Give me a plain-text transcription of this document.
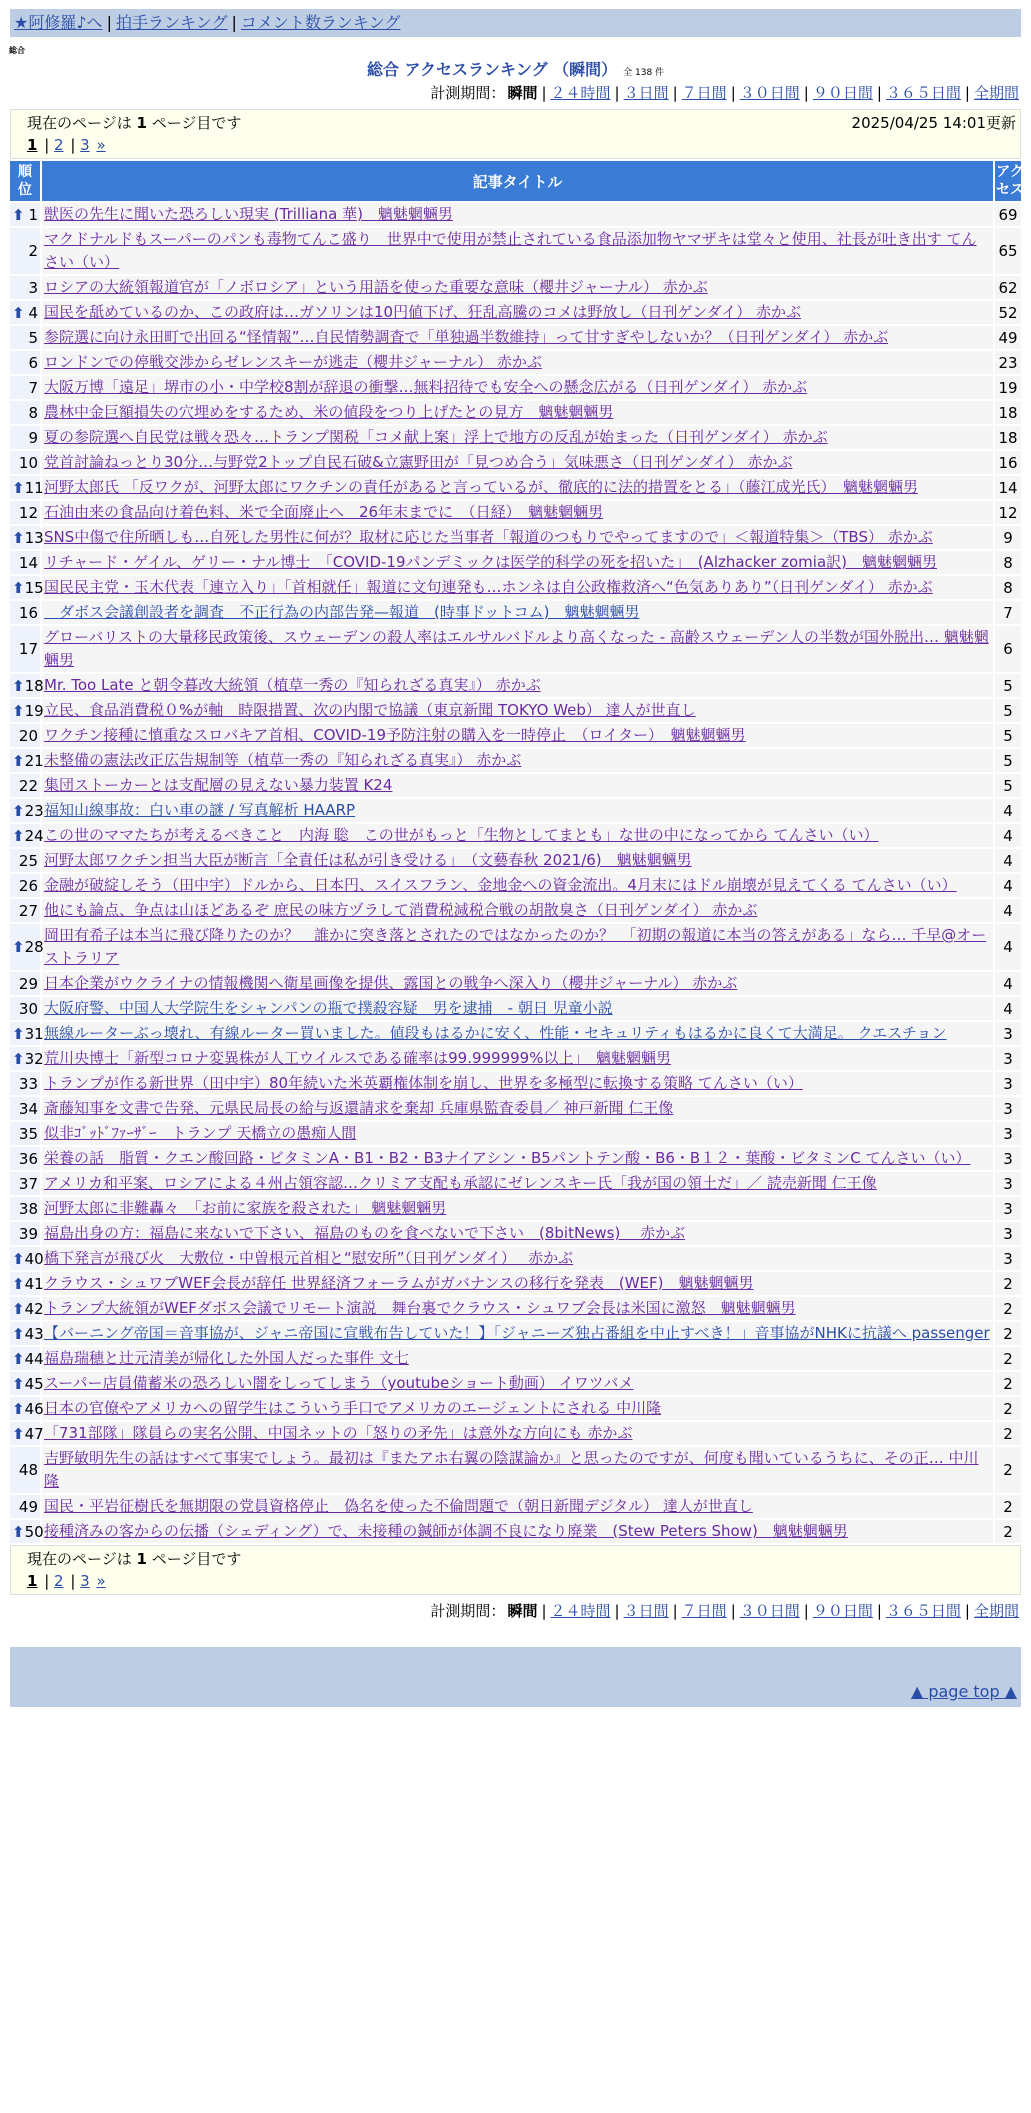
★阿修羅♪へ | 拍手ランキング | コメント数ランキング
総合
総合 アクセスランキング （瞬間） 全 138 件
計測期間： 瞬間 | ２４時間 | ３日間 | ７日間 | ３０日間 | ９０日間 | ３６５日間 | 全期間
現在のページは 1 ページ目です	2025/04/25 14:01更新
1 | 2 | 3 »
順位	記事タイトル	アクセス

⬆ 1	獣医の先生に聞いた恐ろしい現実 (Trilliana 華)　魑魅魍魎男	69
2	マクドナルドもスーパーのパンも毒物てんこ盛り　世界中で使用が禁止されている食品添加物ヤマザキは堂々と使用、社長が吐き出す てんさい（い）	65
3	ロシアの大統領報道官が「ノボロシア」という用語を使った重要な意味（櫻井ジャーナル） 赤かぶ	62

⬆ 4	国民を舐めているのか、この政府は…ガソリンは10円値下げ、狂乱高騰のコメは野放し（日刊ゲンダイ） 赤かぶ	52
5	参院選に向け永田町で出回る“怪情報”…自民情勢調査で「単独過半数維持」って甘すぎやしないか？（日刊ゲンダイ） 赤かぶ	49
6	ロンドンでの停戦交渉からゼレンスキーが逃走（櫻井ジャーナル） 赤かぶ	23
7	大阪万博「遠足」堺市の小・中学校8割が辞退の衝撃…無料招待でも安全への懸念広がる（日刊ゲンダイ） 赤かぶ	19
8	農林中金巨額損失の穴埋めをするため、米の値段をつり上げたとの見方　魑魅魍魎男	18
9	夏の参院選へ自民党は戦々恐々…トランプ関税「コメ献上案」浮上で地方の反乱が始まった（日刊ゲンダイ） 赤かぶ	18
10	党首討論ねっとり30分…与野党2トップ自民石破&立憲野田が「見つめ合う」気味悪さ（日刊ゲンダイ） 赤かぶ	16

⬆ 11	河野太郎氏 「反ワクが、河野太郎にワクチンの責任があると言っているが、徹底的に法的措置をとる」（藤江成光氏）　魑魅魍魎男	14
12	石油由来の食品向け着色料、米で全面廃止へ　26年末までに　（日経）　魑魅魍魎男	12

⬆ 13	SNS中傷で住所晒しも…自死した男性に何が？取材に応じた当事者「報道のつもりでやってますので」＜報道特集＞（TBS） 赤かぶ	9
14	リチャード・ゲイル、ゲリー・ナル博士　「COVID-19パンデミックは医学的科学の死を招いた」　(Alzhacker zomia訳)　魑魅魍魎男	8

⬆ 15	国民民主党・玉木代表「連立入り」「首相就任」報道に文句連発も…ホンネは自公政権救済へ“色気ありあり”（日刊ゲンダイ） 赤かぶ	8
16	　ダボス会議創設者を調査　不正行為の内部告発—報道　(時事ドットコム)　魑魅魍魎男	7
17	グローバリストの大量移民政策後、スウェーデンの殺人率はエルサルバドルより高くなった - 高齢スウェーデン人の半数が国外脱出… 魑魅魍魎男	6

⬆ 18	Mr. Too Late と朝令暮改大統領（植草一秀の『知られざる真実』） 赤かぶ	5

⬆ 19	立民、食品消費税０%が軸　時限措置、次の内閣で協議（東京新聞 TOKYO Web） 達人が世直し	5
20	ワクチン接種に慎重なスロバキア首相、COVID-19予防注射の購入を一時停止　（ロイター）　魑魅魍魎男	5

⬆ 21	未整備の憲法改正広告規制等（植草一秀の『知られざる真実』） 赤かぶ	5
22	集団ストーカーとは支配層の見えない暴力装置 K24	5

⬆ 23	福知山線事故：白い車の謎 / 写真解析 HAARP	4

⬆ 24	この世のママたちが考えるべきこと　内海 聡　この世がもっと「生物としてまとも」な世の中になってから てんさい（い）	4
25	河野太郎ワクチン担当大臣が断言「全責任は私が引き受ける」　（文藝春秋 2021/6)　魑魅魍魎男	4
26	金融が破綻しそう（田中宇）ドルから、日本円、スイスフラン、金地金への資金流出。4月末にはドル崩壊が見えてくる てんさい（い）	4
27	他にも論点、争点は山ほどあるぞ 庶民の味方ヅラして消費税減税合戦の胡散臭さ（日刊ゲンダイ） 赤かぶ	4

⬆ 28	岡田有希子は本当に飛び降りたのか？　誰かに突き落とされたのではなかったのか？　「初期の報道に本当の答えがある」なら… 千早@オーストラリア	4
29	日本企業がウクライナの情報機関へ衛星画像を提供、露国との戦争へ深入り（櫻井ジャーナル） 赤かぶ	4
30	大阪府警、中国人大学院生をシャンパンの瓶で撲殺容疑　男を逮捕　- 朝日 児童小説	4

⬆ 31	無線ルーターぶっ壊れ、有線ルーター買いました。値段もはるかに安く、性能・セキュリティもはるかに良くて大満足。 クエスチョン	3

⬆ 32	荒川央博士「新型コロナ変異株が人工ウイルスである確率は99.999999%以上」　魑魅魍魎男	3
33	トランプが作る新世界（田中宇）80年続いた米英覇権体制を崩し、世界を多極型に転換する策略 てんさい（い）	3
34	斎藤知事を文書で告発、元県民局長の給与返還請求を棄却 兵庫県監査委員／ 神戸新聞 仁王像	3
35	似非ｺﾞｯﾄﾞﾌｧｰｻﾞｰ　トランプ 天橋立の愚痴人間	3
36	栄養の話　脂質・クエン酸回路・ビタミンA・B1・B2・B3ナイアシン・B5パントテン酸・B6・B１２・葉酸・ビタミンC てんさい（い）	3
37	アメリカ和平案、ロシアによる４州占領容認…クリミア支配も承認にゼレンスキー氏「我が国の領土だ」／ 読売新聞 仁王像	3
38	河野太郎に非難轟々　「お前に家族を殺された」 魑魅魍魎男	3
39	福島出身の方：福島に来ないで下さい、福島のものを食べないで下さい　(8bitNews)　 赤かぶ	3

⬆ 40	橋下発言が飛び火　大敷位・中曽根元首相と“慰安所”（日刊ゲンダイ）　 赤かぶ	3

⬆ 41	クラウス・シュワブWEF会長が辞任 世界経済フォーラムがガバナンスの移行を発表　(WEF)　魑魅魍魎男	2

⬆ 42	トランプ大統領がWEFダボス会議でリモート演説　舞台裏でクラウス・シュワブ会長は米国に激怒　魑魅魍魎男	2

⬆ 43	【バーニング帝国＝音事協が、ジャニ帝国に宣戦布告していた！】「ジャニーズ独占番組を中止すべき！」音事協がNHKに抗議へ passenger	2

⬆ 44	福島瑞穂と辻元清美が帰化した外国人だった事件 文七	2

⬆ 45	スーパー店員備蓄米の恐ろしい闇をしってしまう（youtubeショート動画） イワツバメ	2

⬆ 46	日本の官僚やアメリカへの留学生はこういう手口でアメリカのエージェントにされる 中川隆	2

⬆ 47	「731部隊」隊員らの実名公開、中国ネットの「怒りの矛先」は意外な方向にも 赤かぶ	2
48	吉野敏明先生の話はすべて事実でしょう。最初は『またアホ右翼の陰謀論か』と思ったのですが、何度も聞いているうちに、その正… 中川隆	2
49	国民・平岩征樹氏を無期限の党員資格停止　偽名を使った不倫問題で（朝日新聞デジタル） 達人が世直し	2

⬆ 50	接種済みの客からの伝播（シェディング）で、未接種の鍼師が体調不良になり廃業　(Stew Peters Show)　魑魅魍魎男	2
現在のページは 1 ページ目です
1 | 2 | 3 »
計測期間： 瞬間 | ２４時間 | ３日間 | ７日間 | ３０日間 | ９０日間 | ３６５日間 | 全期間
▲ page top ▲
